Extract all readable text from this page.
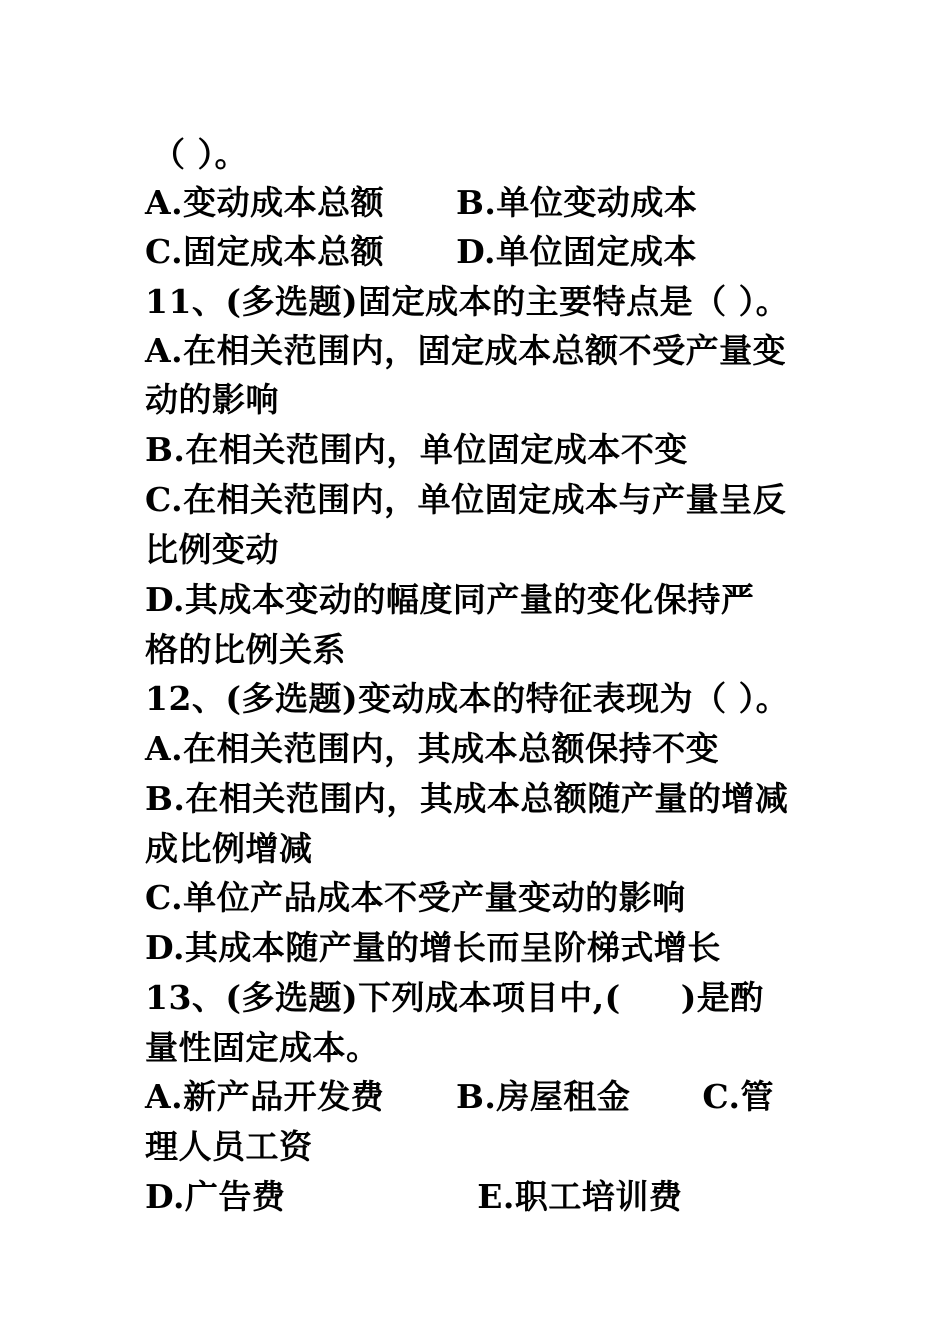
（ ）。
A.变动成本总额      B.单位变动成本
C.固定成本总额      D.单位固定成本
11、(多选题)固定成本的主要特点是（ ）。
A.在相关范围内，固定成本总额不受产量变
动的影响
B.在相关范围内，单位固定成本不变
C.在相关范围内，单位固定成本与产量呈反
比例变动
D.其成本变动的幅度同产量的变化保持严
格的比例关系
12、(多选题)变动成本的特征表现为（ ）。
A.在相关范围内，其成本总额保持不变
B.在相关范围内，其成本总额随产量的增减
成比例增减
C.单位产品成本不受产量变动的影响
D.其成本随产量的增长而呈阶梯式增长
13、(多选题)下列成本项目中,(     )是酌
量性固定成本。
A.新产品开发费      B.房屋租金      C.管
理人员工资
D.广告费                E.职工培训费
